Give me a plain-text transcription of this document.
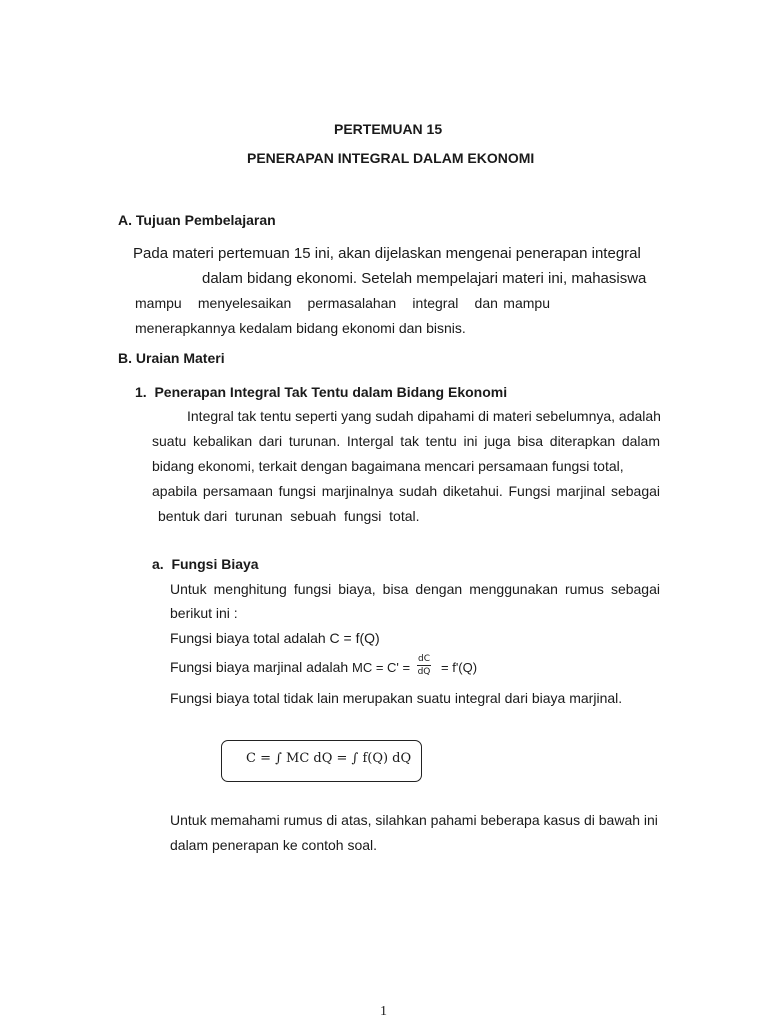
PERTEMUAN 15
PENERAPAN INTEGRAL DALAM EKONOMI
A. Tujuan Pembelajaran
Pada materi pertemuan 15 ini, akan dijelaskan mengenai penerapan integral
dalam bidang ekonomi. Setelah mempelajari materi ini, mahasiswa
mampu   menyelesaikan   permasalahan   integral   dan mampu
menerapkannya kedalam bidang ekonomi dan bisnis.
B. Uraian Materi
1.  Penerapan Integral Tak Tentu dalam Bidang Ekonomi
Integral tak tentu seperti yang sudah dipahami di materi sebelumnya, adalah
suatu kebalikan dari turunan. Intergal tak tentu ini juga bisa diterapkan dalam
bidang ekonomi, terkait dengan bagaimana mencari persamaan fungsi total,
apabila persamaan fungsi marjinalnya sudah diketahui. Fungsi marjinal sebagai
bentuk dari  turunan  sebuah  fungsi  total.
a.  Fungsi Biaya
Untuk menghitung fungsi biaya, bisa dengan menggunakan rumus sebagai
berikut ini :
Fungsi biaya total adalah C = f(Q)
Fungsi biaya marjinal adalah MC = C' =
dC
dQ = f'(Q)
Fungsi biaya total tidak lain merupakan suatu integral dari biaya marjinal.
C = ∫ MC dQ = ∫ f(Q) dQ
Untuk memahami rumus di atas, silahkan pahami beberapa kasus di bawah ini
dalam penerapan ke contoh soal.
1
